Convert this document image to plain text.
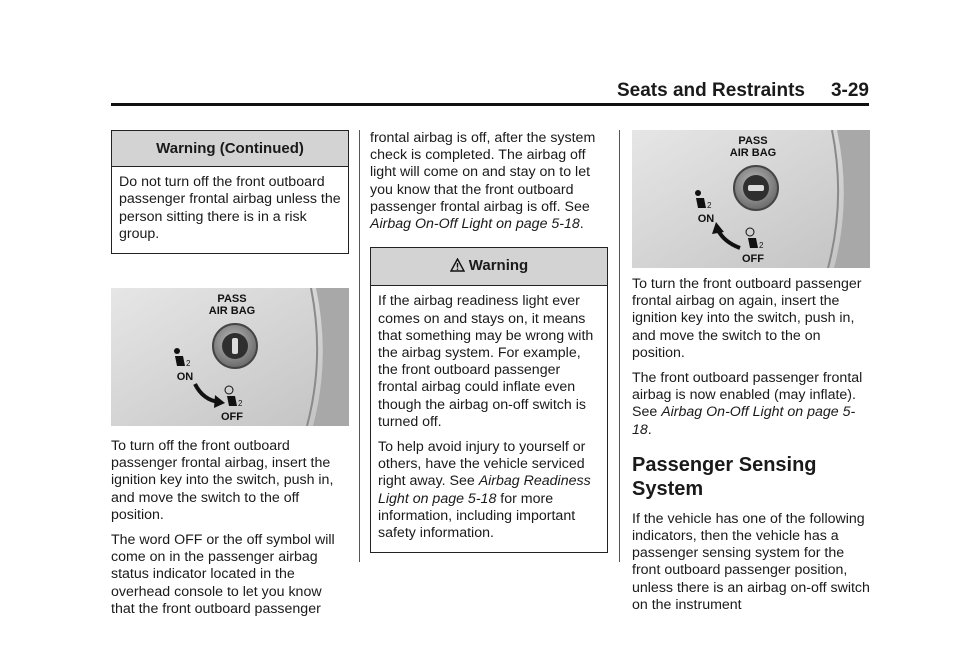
Seats and Restraints 3-29
Warning (Continued)

Do not turn off the front outboard passenger frontal airbag unless the person sitting there is in a risk group.

PASS
AIR BAG
2
ON
2
OFF

To turn off the front outboard passenger frontal airbag, insert the ignition key into the switch, push in, and move the switch to the off position.

The word OFF or the off symbol will come on in the passenger airbag status indicator located in the overhead console to let you know that the front outboard passenger

frontal airbag is off, after the system check is completed. The airbag off light will come on and stay on to let you know that the front outboard passenger frontal airbag is off. See Airbag On-Off Light on page 5-18.

Warning

If the airbag readiness light ever comes on and stays on, it means that something may be wrong with the airbag system. For example, the front outboard passenger frontal airbag could inflate even though the airbag on-off switch is turned off.

To help avoid injury to yourself or others, have the vehicle serviced right away. See Airbag Readiness Light on page 5-18 for more information, including important safety information.

PASS
AIR BAG
2
ON
2
OFF

To turn the front outboard passenger frontal airbag on again, insert the ignition key into the switch, push in, and move the switch to the on position.

The front outboard passenger frontal airbag is now enabled (may inflate). See Airbag On-Off Light on page 5-18.

Passenger Sensing System

If the vehicle has one of the following indicators, then the vehicle has a passenger sensing system for the front outboard passenger position, unless there is an airbag on-off switch on the instrument
